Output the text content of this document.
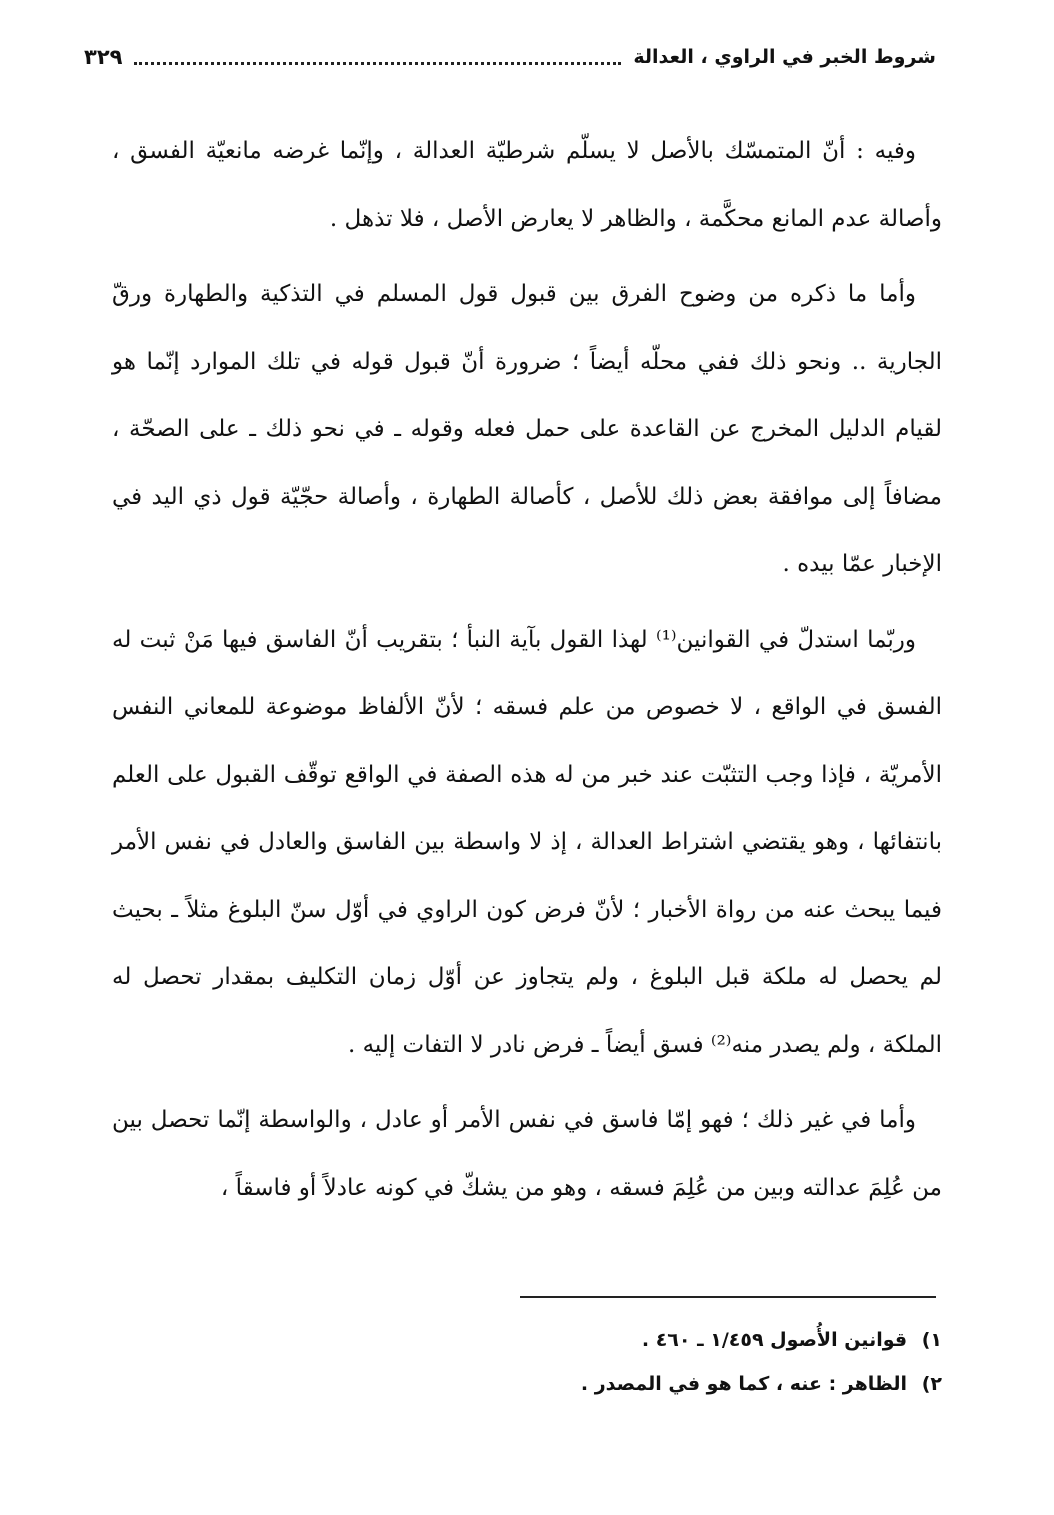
شروط الخبر في الراوي ، العدالة
٣٢٩

وفيه : أنّ المتمسّك بالأصل لا يسلّم شرطيّة العدالة ، وإنّما غرضه مانعيّة الفسق ، وأصالة عدم المانع محكَّمة ، والظاهر لا يعارض الأصل ، فلا تذهل .

وأما ما ذكره من وضوح الفرق بين قبول قول المسلم في التذكية والطهارة ورقّ الجارية .. ونحو ذلك ففي محلّه أيضاً ؛ ضرورة أنّ قبول قوله في تلك الموارد إنّما هو لقيام الدليل المخرج عن القاعدة على حمل فعله وقوله ـ في نحو ذلك ـ على الصحّة ، مضافاً إلى موافقة بعض ذلك للأصل ، كأصالة الطهارة ، وأصالة حجّيّة قول ذي اليد في الإخبار عمّا بيده .

وربّما استدلّ في القوانين⁽¹⁾ لهذا القول بآية النبأ ؛ بتقريب أنّ الفاسق فيها مَنْ ثبت له الفسق في الواقع ، لا خصوص من علم فسقه ؛ لأنّ الألفاظ موضوعة للمعاني النفس الأمريّة ، فإذا وجب التثبّت عند خبر من له هذه الصفة في الواقع توقّف القبول على العلم بانتفائها ، وهو يقتضي اشتراط العدالة ، إذ لا واسطة بين الفاسق والعادل في نفس الأمر فيما يبحث عنه من رواة الأخبار ؛ لأنّ فرض كون الراوي في أوّل سنّ البلوغ مثلاً ـ بحيث لم يحصل له ملكة قبل البلوغ ، ولم يتجاوز عن أوّل زمان التكليف بمقدار تحصل له الملكة ، ولم يصدر منه⁽²⁾ فسق أيضاً ـ فرض نادر لا التفات إليه .

وأما في غير ذلك ؛ فهو إمّا فاسق في نفس الأمر أو عادل ، والواسطة إنّما تحصل بين من عُلِمَ عدالته وبين من عُلِمَ فسقه ، وهو من يشكّ في كونه عادلاً أو فاسقاً ،

١) قوانين الأُصول ١/٤٥٩ ـ ٤٦٠ .
٢) الظاهر : عنه ، كما هو في المصدر .
